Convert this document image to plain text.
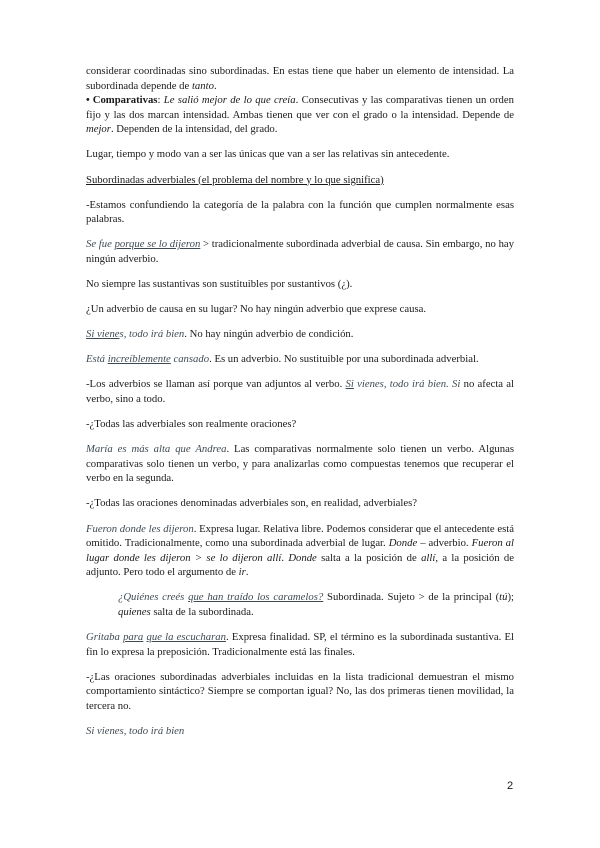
considerar coordinadas sino subordinadas. En estas tiene que haber un elemento de intensidad. La subordinada depende de tanto.

• Comparativas: Le salió mejor de lo que creía. Consecutivas y las comparativas tienen un orden fijo y las dos marcan intensidad. Ambas tienen que ver con el grado o la intensidad. Depende de mejor. Dependen de la intensidad, del grado.

Lugar, tiempo y modo van a ser las únicas que van a ser las relativas sin antecedente.

Subordinadas adverbiales (el problema del nombre y lo que significa)

-Estamos confundiendo la categoría de la palabra con la función que cumplen normalmente esas palabras.

Se fue porque se lo dijeron > tradicionalmente subordinada adverbial de causa. Sin embargo, no hay ningún adverbio.

No siempre las sustantivas son sustituibles por sustantivos (¿).

¿Un adverbio de causa en su lugar? No hay ningún adverbio que exprese causa.

Si vienes, todo irá bien. No hay ningún adverbio de condición.

Está increíblemente cansado. Es un adverbio. No sustituible por una subordinada adverbial.

-Los adverbios se llaman así porque van adjuntos al verbo. Si vienes, todo irá bien. Si no afecta al verbo, sino a todo.

-¿Todas las adverbiales son realmente oraciones?

María es más alta que Andrea. Las comparativas normalmente solo tienen un verbo. Algunas comparativas solo tienen un verbo, y para analizarlas como compuestas tenemos que recuperar el verbo en la segunda.

-¿Todas las oraciones denominadas adverbiales son, en realidad, adverbiales?

Fueron donde les dijeron. Expresa lugar. Relativa libre. Podemos considerar que el antecedente está omitido. Tradicionalmente, como una subordinada adverbial de lugar. Donde – adverbio. Fueron al lugar donde les dijeron > se lo dijeron allí. Donde salta a la posición de allí, a la posición de adjunto. Pero todo el argumento de ir.

¿Quiénes creés que han traído los caramelos? Subordinada. Sujeto > de la principal (tú); quienes salta de la subordinada.

Gritaba para que la escucharan. Expresa finalidad. SP, el término es la subordinada sustantiva. El fin lo expresa la preposición. Tradicionalmente está las finales.

-¿Las oraciones subordinadas adverbiales incluidas en la lista tradicional demuestran el mismo comportamiento sintáctico? Siempre se comportan igual? No, las dos primeras tienen movilidad, la tercera no.

Si vienes, todo irá bien

2
